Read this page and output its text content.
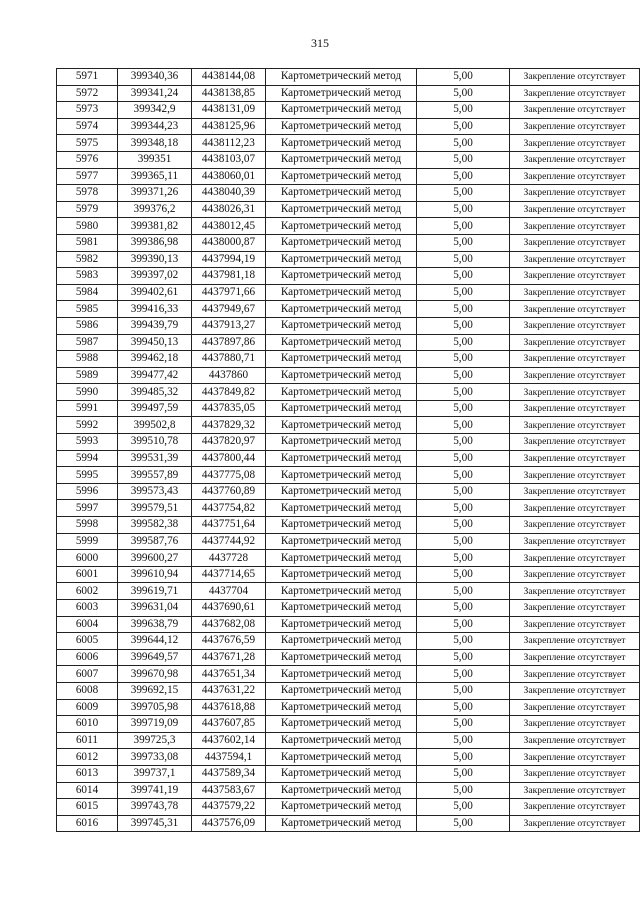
315
5971	399340,36	4438144,08	Картометрический метод	5,00	Закрепление отсутствует
5972	399341,24	4438138,85	Картометрический метод	5,00	Закрепление отсутствует
5973	399342,9	4438131,09	Картометрический метод	5,00	Закрепление отсутствует
5974	399344,23	4438125,96	Картометрический метод	5,00	Закрепление отсутствует
5975	399348,18	4438112,23	Картометрический метод	5,00	Закрепление отсутствует
5976	399351	4438103,07	Картометрический метод	5,00	Закрепление отсутствует
5977	399365,11	4438060,01	Картометрический метод	5,00	Закрепление отсутствует
5978	399371,26	4438040,39	Картометрический метод	5,00	Закрепление отсутствует
5979	399376,2	4438026,31	Картометрический метод	5,00	Закрепление отсутствует
5980	399381,82	4438012,45	Картометрический метод	5,00	Закрепление отсутствует
5981	399386,98	4438000,87	Картометрический метод	5,00	Закрепление отсутствует
5982	399390,13	4437994,19	Картометрический метод	5,00	Закрепление отсутствует
5983	399397,02	4437981,18	Картометрический метод	5,00	Закрепление отсутствует
5984	399402,61	4437971,66	Картометрический метод	5,00	Закрепление отсутствует
5985	399416,33	4437949,67	Картометрический метод	5,00	Закрепление отсутствует
5986	399439,79	4437913,27	Картометрический метод	5,00	Закрепление отсутствует
5987	399450,13	4437897,86	Картометрический метод	5,00	Закрепление отсутствует
5988	399462,18	4437880,71	Картометрический метод	5,00	Закрепление отсутствует
5989	399477,42	4437860	Картометрический метод	5,00	Закрепление отсутствует
5990	399485,32	4437849,82	Картометрический метод	5,00	Закрепление отсутствует
5991	399497,59	4437835,05	Картометрический метод	5,00	Закрепление отсутствует
5992	399502,8	4437829,32	Картометрический метод	5,00	Закрепление отсутствует
5993	399510,78	4437820,97	Картометрический метод	5,00	Закрепление отсутствует
5994	399531,39	4437800,44	Картометрический метод	5,00	Закрепление отсутствует
5995	399557,89	4437775,08	Картометрический метод	5,00	Закрепление отсутствует
5996	399573,43	4437760,89	Картометрический метод	5,00	Закрепление отсутствует
5997	399579,51	4437754,82	Картометрический метод	5,00	Закрепление отсутствует
5998	399582,38	4437751,64	Картометрический метод	5,00	Закрепление отсутствует
5999	399587,76	4437744,92	Картометрический метод	5,00	Закрепление отсутствует
6000	399600,27	4437728	Картометрический метод	5,00	Закрепление отсутствует
6001	399610,94	4437714,65	Картометрический метод	5,00	Закрепление отсутствует
6002	399619,71	4437704	Картометрический метод	5,00	Закрепление отсутствует
6003	399631,04	4437690,61	Картометрический метод	5,00	Закрепление отсутствует
6004	399638,79	4437682,08	Картометрический метод	5,00	Закрепление отсутствует
6005	399644,12	4437676,59	Картометрический метод	5,00	Закрепление отсутствует
6006	399649,57	4437671,28	Картометрический метод	5,00	Закрепление отсутствует
6007	399670,98	4437651,34	Картометрический метод	5,00	Закрепление отсутствует
6008	399692,15	4437631,22	Картометрический метод	5,00	Закрепление отсутствует
6009	399705,98	4437618,88	Картометрический метод	5,00	Закрепление отсутствует
6010	399719,09	4437607,85	Картометрический метод	5,00	Закрепление отсутствует
6011	399725,3	4437602,14	Картометрический метод	5,00	Закрепление отсутствует
6012	399733,08	4437594,1	Картометрический метод	5,00	Закрепление отсутствует
6013	399737,1	4437589,34	Картометрический метод	5,00	Закрепление отсутствует
6014	399741,19	4437583,67	Картометрический метод	5,00	Закрепление отсутствует
6015	399743,78	4437579,22	Картометрический метод	5,00	Закрепление отсутствует
6016	399745,31	4437576,09	Картометрический метод	5,00	Закрепление отсутствует
